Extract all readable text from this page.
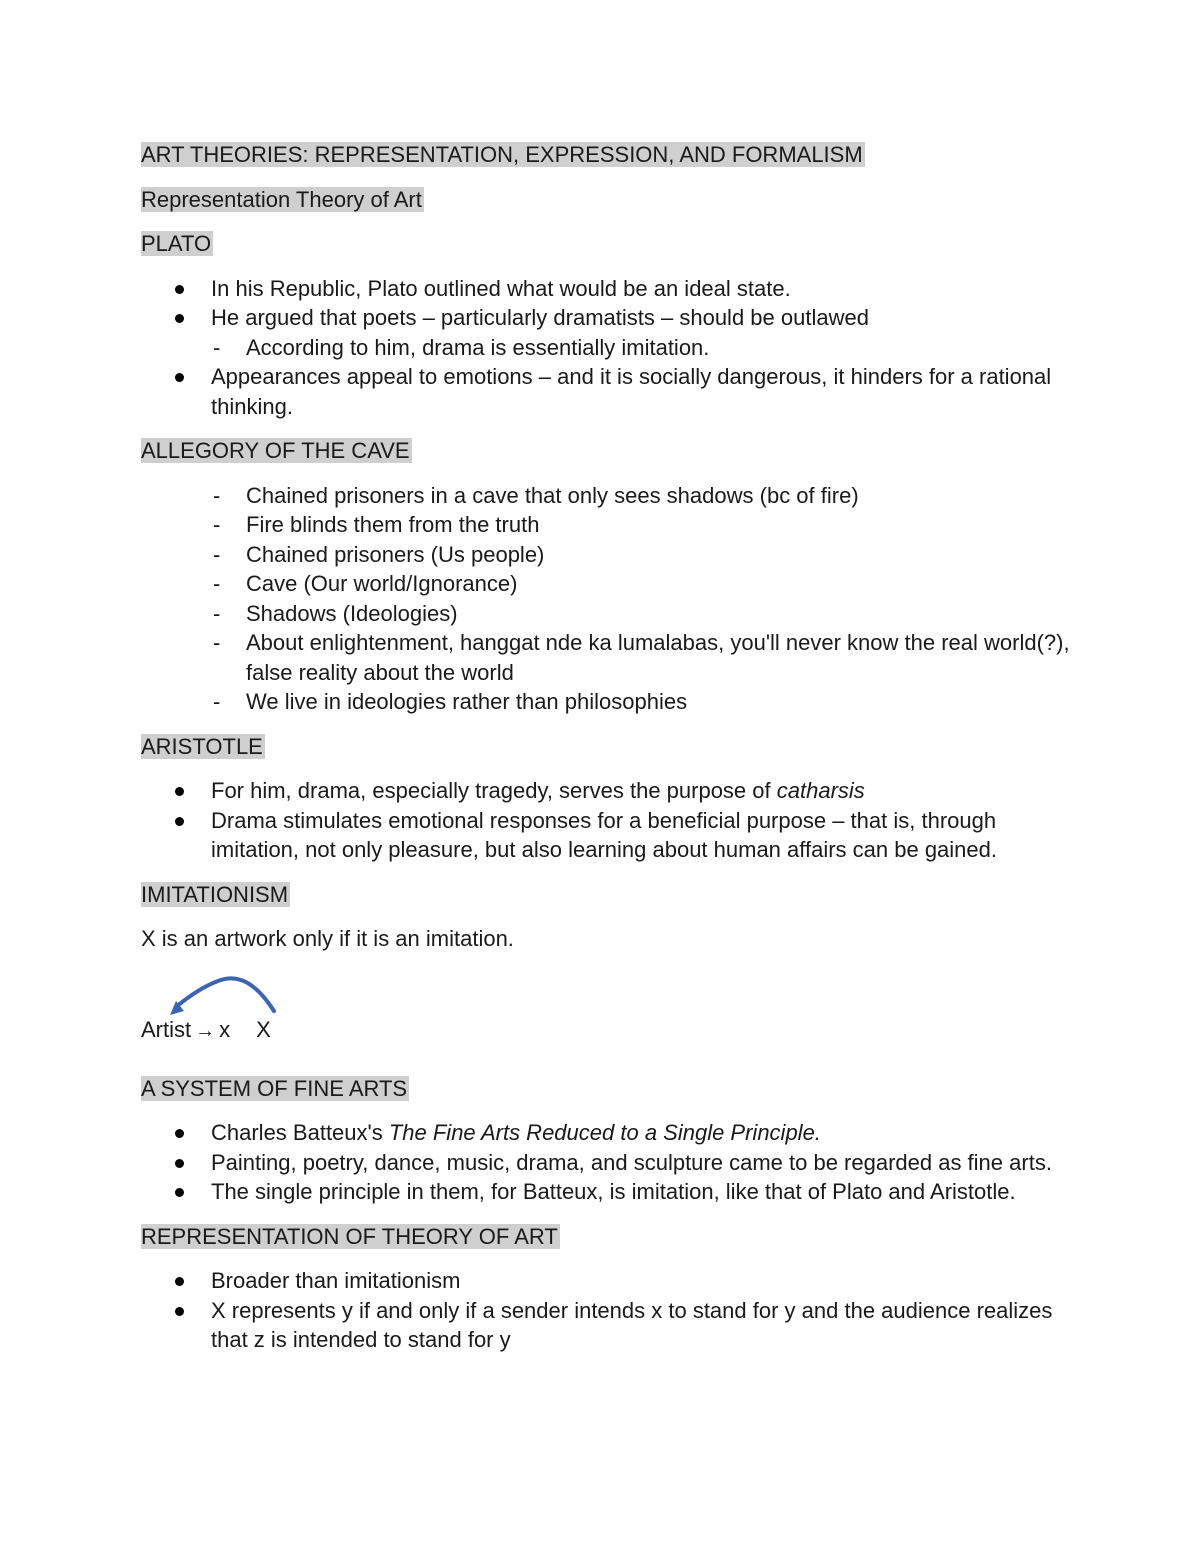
ART THEORIES: REPRESENTATION, EXPRESSION, AND FORMALISM
Representation Theory of Art
PLATO
In his Republic, Plato outlined what would be an ideal state.
He argued that poets – particularly dramatists – should be outlawed
- According to him, drama is essentially imitation.
Appearances appeal to emotions – and it is socially dangerous, it hinders for a rational thinking.
ALLEGORY OF THE CAVE
- Chained prisoners in a cave that only sees shadows (bc of fire)
- Fire blinds them from the truth
- Chained prisoners (Us people)
- Cave (Our world/Ignorance)
- Shadows (Ideologies)
- About enlightenment, hanggat nde ka lumalabas, you'll never know the real world(?), false reality about the world
- We live in ideologies rather than philosophies
ARISTOTLE
For him, drama, especially tragedy, serves the purpose of catharsis
Drama stimulates emotional responses for a beneficial purpose – that is, through imitation, not only pleasure, but also learning about human affairs can be gained.
IMITATIONISM
X is an artwork only if it is an imitation.
Artist → x X
A SYSTEM OF FINE ARTS
Charles Batteux's The Fine Arts Reduced to a Single Principle.
Painting, poetry, dance, music, drama, and sculpture came to be regarded as fine arts.
The single principle in them, for Batteux, is imitation, like that of Plato and Aristotle.
REPRESENTATION OF THEORY OF ART
Broader than imitationism
X represents y if and only if a sender intends x to stand for y and the audience realizes that z is intended to stand for y
